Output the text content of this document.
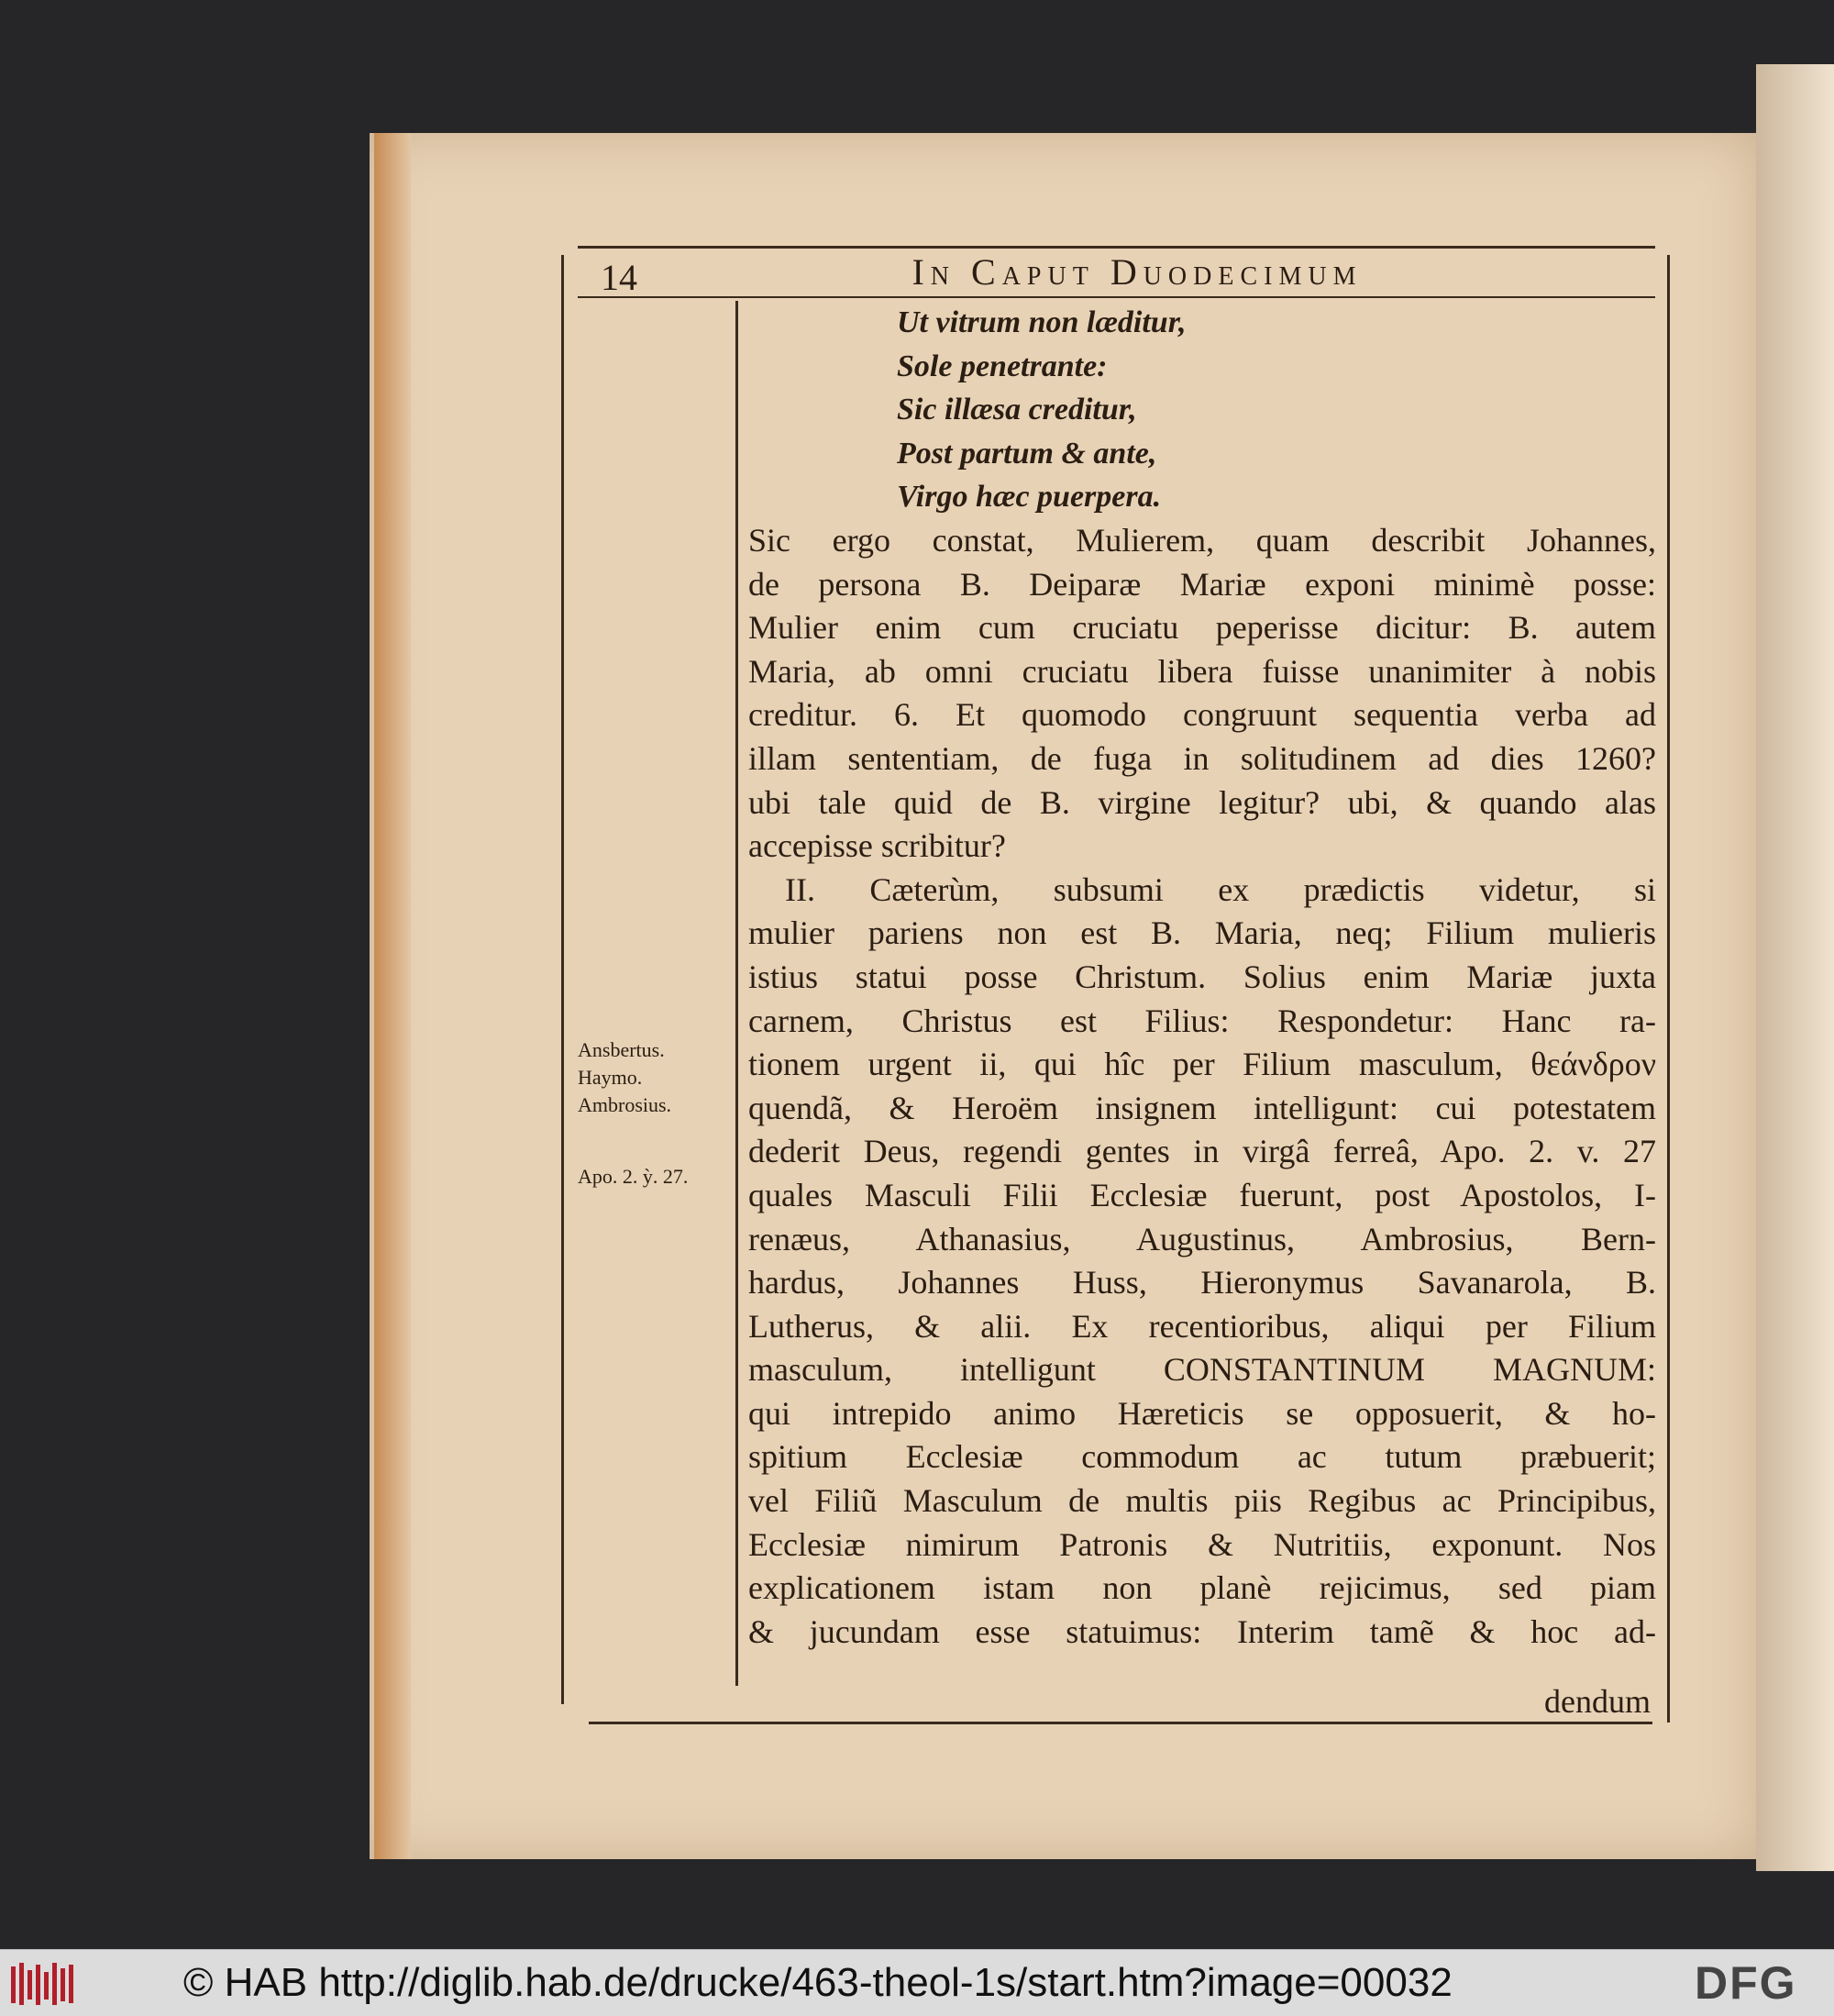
14	In Caput Duodecimum
Ansbertus.
Haymo.
Ambrosius.
Apo. 2. ỳ. 27.
Ut vitrum non læditur,
Sole penetrante:
Sic illæsa creditur,
Post partum & ante,
Virgo hæc puerpera.
Sic ergo constat, Mulierem, quam describit Johannes,
de persona B. Deiparæ Mariæ exponi minimè posse:
Mulier enim cum cruciatu peperisse dicitur: B. autem
Maria, ab omni cruciatu libera fuisse unanimiter à nobis
creditur. 6. Et quomodo congruunt sequentia verba ad
illam sententiam, de fuga in solitudinem ad dies 1260?
ubi tale quid de B. virgine legitur? ubi, & quando alas
accepisse scribitur?
II. Cæterùm, subsumi ex prædictis videtur, si
mulier pariens non est B. Maria, neq; Filium mulieris
istius statui posse Christum. Solius enim Mariæ juxta
carnem, Christus est Filius: Respondetur: Hanc ra-
tionem urgent ii, qui hîc per Filium masculum, θεάνδρον
quendã, & Heroëm insignem intelligunt: cui potestatem
dederit Deus, regendi gentes in virgâ ferreâ, Apo. 2. v. 27
quales Masculi Filii Ecclesiæ fuerunt, post Apostolos, I-
renæus, Athanasius, Augustinus, Ambrosius, Bern-
hardus, Johannes Huss, Hieronymus Savanarola, B.
Lutherus, & alii. Ex recentioribus, aliqui per Filium
masculum, intelligunt CONSTANTINUM MAGNUM:
qui intrepido animo Hæreticis se opposuerit, & ho-
spitium Ecclesiæ commodum ac tutum præbuerit;
vel Filiũ Masculum de multis piis Regibus ac Principibus,
Ecclesiæ nimirum Patronis & Nutritiis, exponunt. Nos
explicationem istam non planè rejicimus, sed piam
& jucundam esse statuimus: Interim tamẽ & hoc ad-
dendum
© HAB http://diglib.hab.de/drucke/463-theol-1s/start.htm?image=00032	DFG
